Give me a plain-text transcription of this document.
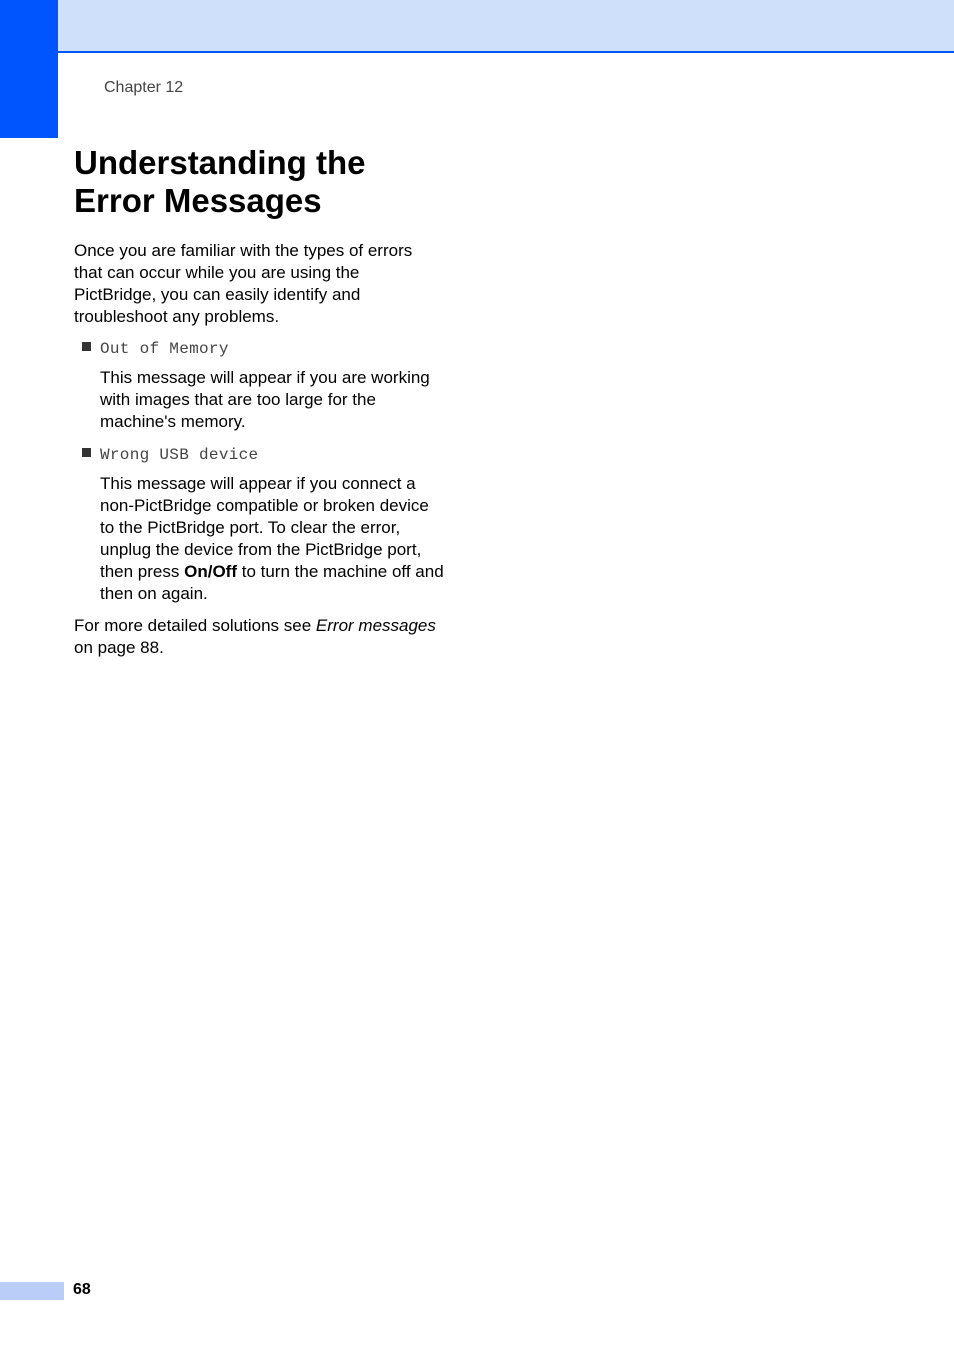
Chapter 12
Understanding the
Error Messages

Once you are familiar with the types of errors that can occur while you are using the PictBridge, you can easily identify and troubleshoot any problems.

Out of Memory

This message will appear if you are working with images that are too large for the machine's memory.

Wrong USB device

This message will appear if you connect a non-PictBridge compatible or broken device to the PictBridge port. To clear the error, unplug the device from the PictBridge port, then press On/Off to turn the machine off and then on again.

For more detailed solutions see Error messages on page 88.

68
